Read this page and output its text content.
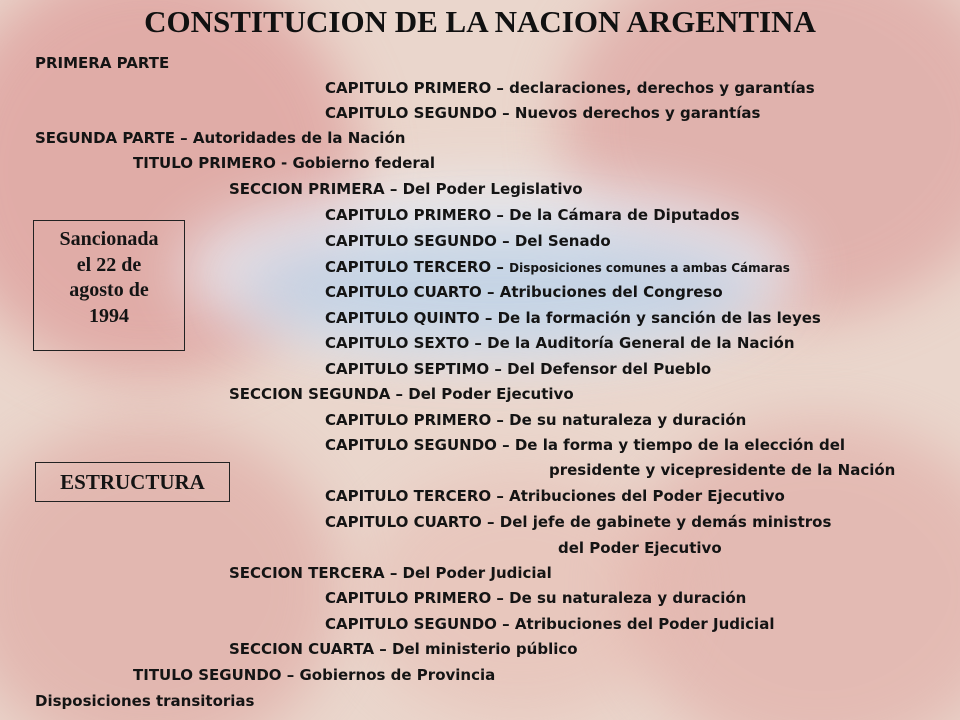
CONSTITUCION DE LA NACION ARGENTINA
Sancionada
el 22 de
agosto de
1994
ESTRUCTURA
PRIMERA PARTE
CAPITULO PRIMERO – declaraciones, derechos y garantías
CAPITULO SEGUNDO – Nuevos derechos y garantías
SEGUNDA PARTE – Autoridades de la Nación
TITULO PRIMERO - Gobierno federal
SECCION PRIMERA – Del Poder Legislativo
CAPITULO PRIMERO – De la Cámara de Diputados
CAPITULO SEGUNDO – Del Senado
CAPITULO TERCERO – Disposiciones comunes a ambas Cámaras
CAPITULO CUARTO – Atribuciones del Congreso
CAPITULO QUINTO – De la formación y sanción de las leyes
CAPITULO SEXTO – De la Auditoría General de la Nación
CAPITULO SEPTIMO – Del Defensor del Pueblo
SECCION SEGUNDA – Del Poder Ejecutivo
CAPITULO PRIMERO – De su naturaleza y duración
CAPITULO SEGUNDO – De la forma y tiempo de la elección del
presidente y vicepresidente de la Nación
CAPITULO TERCERO – Atribuciones del Poder Ejecutivo
CAPITULO CUARTO – Del jefe de gabinete y demás ministros
del Poder Ejecutivo
SECCION TERCERA – Del Poder Judicial
CAPITULO PRIMERO – De su naturaleza y duración
CAPITULO SEGUNDO – Atribuciones del Poder Judicial
SECCION CUARTA – Del ministerio público
TITULO SEGUNDO – Gobiernos de Provincia
Disposiciones transitorias
